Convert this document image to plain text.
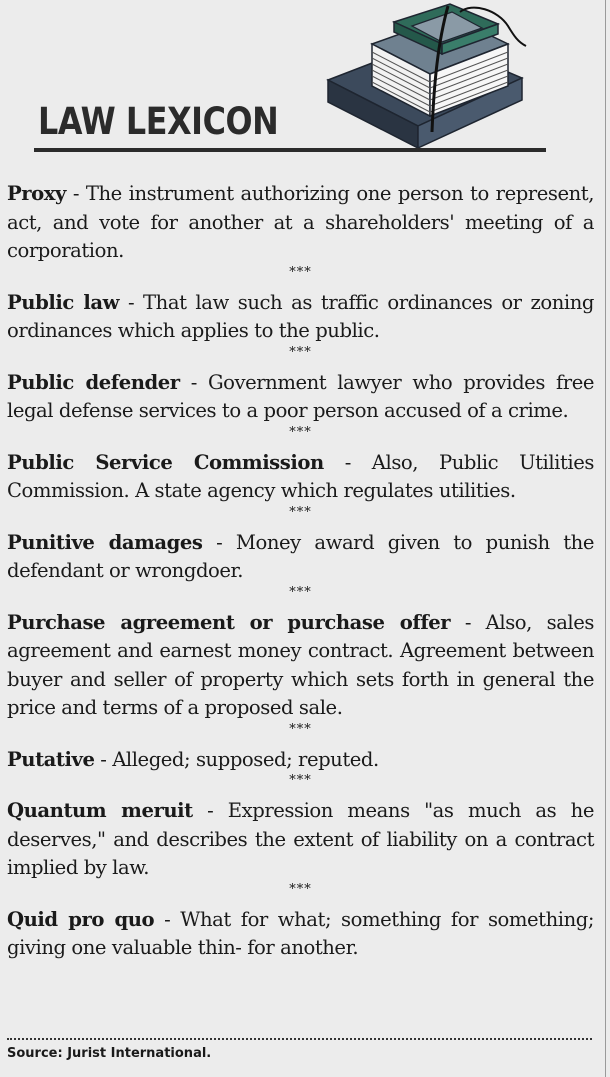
LAW LEXICON

Proxy - The instrument authorizing one person to represent, act, and vote for another at a shareholders' meeting of a corporation.

***

Public law - That law such as traffic ordinances or zoning ordinances which applies to the public.

***

Public defender - Government lawyer who provides free legal defense services to a poor person accused of a crime.

***

Public Service Commission - Also, Public Utilities Commission. A state agency which regulates utilities.

***

Punitive damages - Money award given to punish the defendant or wrongdoer.

***

Purchase agreement or purchase offer - Also, sales agreement and earnest money contract. Agreement between buyer and seller of property which sets forth in general the price and terms of a proposed sale.

***

Putative - Alleged; supposed; reputed.

***

Quantum meruit - Expression means "as much as he deserves," and describes the extent of liability on a contract implied by law.

***

Quid pro quo - What for what; something for something; giving one valuable thin- for another.

Source: Jurist International.
